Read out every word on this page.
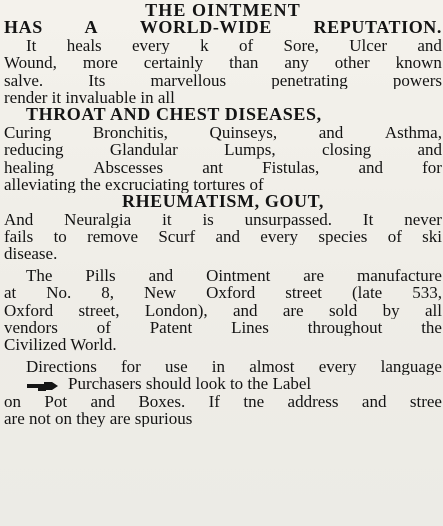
THE OINTMENT
HAS A WORLD-WIDE REPUTATION.
It heals every k of Sore, Ulcer and
Wound, more certainly than any other known
salve.	Its	marvellous	penetrating	powers
render it invaluable in all
THROAT AND CHEST DISEASES,
Curing Bronchitis, Quinseys, and Asthma,
reducing	Glandular	Lumps,	closing	and
healing Abscesses ant Fistulas, and for
alleviating the excruciating tortures of
RHEUMATISM, GOUT,
And Neuralgia it is unsurpassed. It never
fails to remove Scurf and every species of ski
disease.
The Pills and Ointment are manufacture
at No. 8, New Oxford street (late 533,
Oxford street, London), and are sold by all
vendors of Patent Lines throughout the
Civilized World.
Directions for use in almost every language
Purchasers should look to the Label
on Pot and Boxes. If tne address and stree
are not on they are spurious
